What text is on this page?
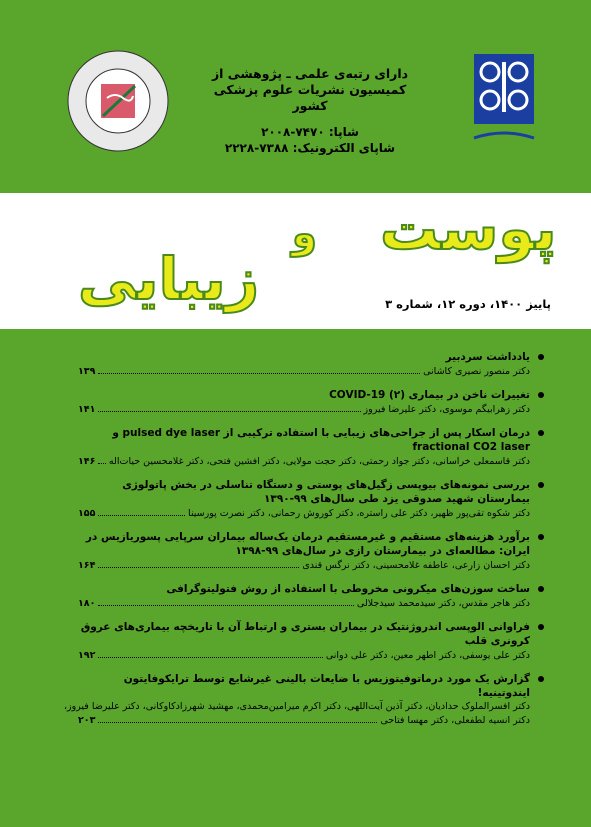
دارای رتبه‌ی علمی ـ پژوهشی از
کمیسیون نشریات علوم پزشکی کشور
شاپا: ۷۴۷۰-۲۰۰۸
شاپای الکترونیک: ۷۳۸۸-۲۲۲۸
پوست
و
زیبایی	پاییز ۱۴۰۰، دوره ۱۲، شماره ۳
یادداشت سردبیر
دکتر منصور نصیری کاشانی
۱۳۹
تغییرات ناخن در بیماری COVID-19 (۲)
دکتر زهرابیگم موسوی، دکتر علیرضا فیروز
۱۴۱
درمان اسکار پس از جراحی‌های زیبایی با استفاده ترکیبی از pulsed dye laser و fractional CO2 laser
دکتر قاسمعلی خراسانی، دکتر جواد رحمتی، دکتر حجت مولایی، دکتر افشین فتحی، دکتر غلامحسین حیات‌اله
۱۴۶
بررسی نمونه‌های بیوپسی زگیل‌های پوستی و دستگاه تناسلی در بخش پاتولوژی بیمارستان شهید صدوقی یزد طی سال‌های ۹۹-۱۳۹۰
دکتر شکوه تقی‌پور ظهیر، دکتر علی راستره، دکتر کوروش رحمانی، دکتر نصرت پورسینا
۱۵۵
برآورد هزینه‌های مستقیم و غیرمستقیم درمان یک‌ساله بیماران سرپایی پسوریازیس در ایران: مطالعه‌ای در بیمارستان رازی در سال‌های ۹۹-۱۳۹۸
دکتر احسان زارعی، عاطفه غلامحسینی، دکتر نرگس قندی
۱۶۴
ساخت سوزن‌های میکرونی مخروطی با استفاده از روش فتولیتوگرافی
دکتر هاجر مقدس، دکتر سیدمحمد سیدجلالی
۱۸۰
فراوانی الوپسی اندروژنتیک در بیماران بستری و ارتباط آن با تاریخچه بیماری‌های عروق کرونری قلب
دکتر علی یوسفی، دکتر اطهر معین، دکتر علی دوانی
۱۹۲
گزارش یک مورد درماتوفیتوزیس با ضایعات بالینی غیرشایع توسط ترایکوفایتون ایندوتینیه!
دکتر افسرالملوک حدادیان، دکتر آذین آیت‌اللهی، دکتر اکرم میرامین‌محمدی، مهشید شهرزادکاوکانی، دکتر علیرضا فیروز،
دکتر انسیه لطفعلی، دکتر مهسا فتاحی
۲۰۳
